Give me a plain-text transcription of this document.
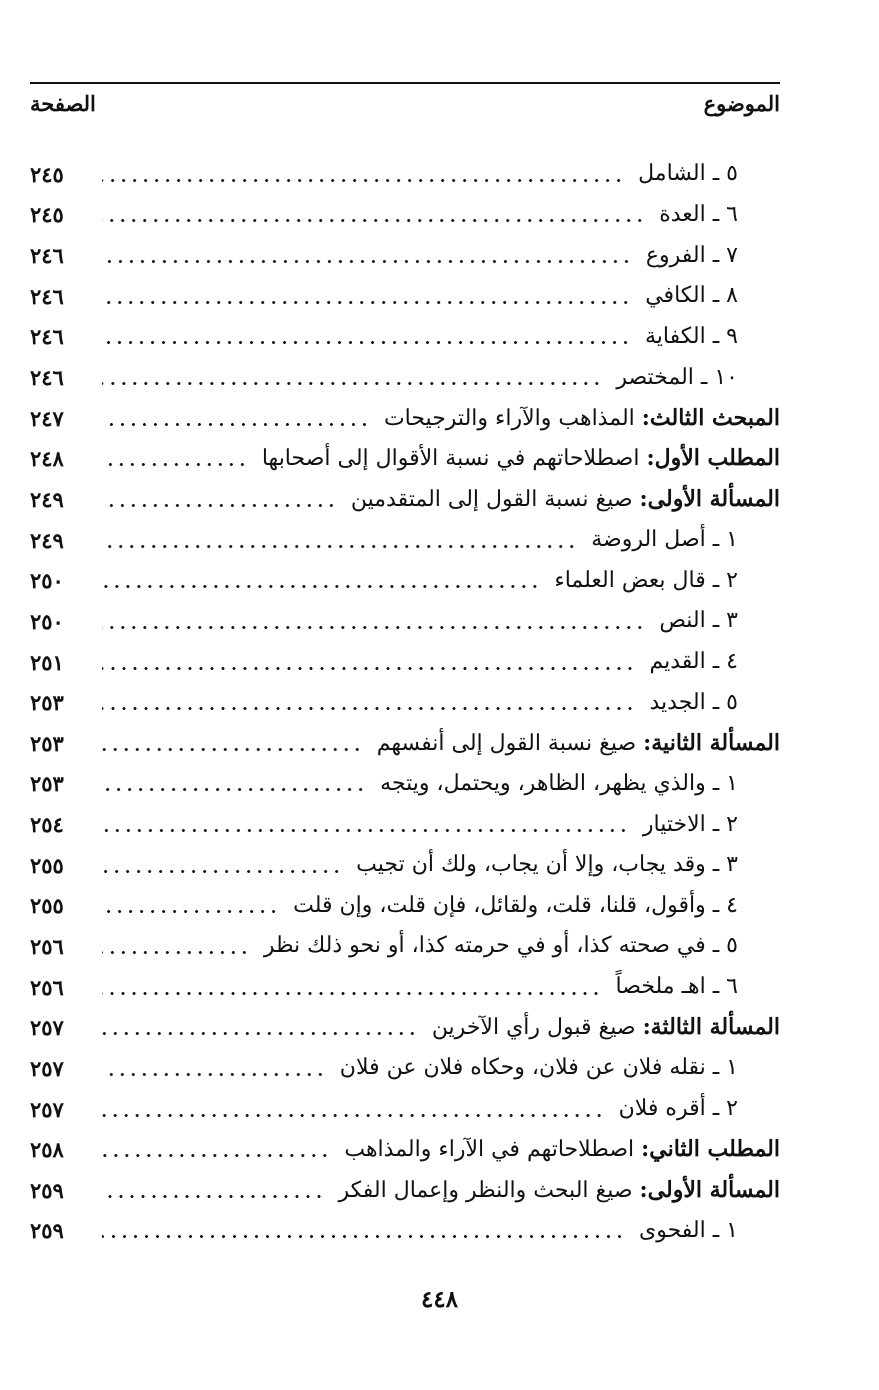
الموضوع
الصفحة
٥ ـ الشامل
٢٤٥
٦ ـ العدة
٢٤٥
٧ ـ الفروع
٢٤٦
٨ ـ الكافي
٢٤٦
٩ ـ الكفاية
٢٤٦
١٠ ـ المختصر
٢٤٦
المبحث الثالث: المذاهب والآراء والترجيحات
٢٤٧
المطلب الأول: اصطلاحاتهم في نسبة الأقوال إلى أصحابها
٢٤٨
المسألة الأولى: صيغ نسبة القول إلى المتقدمين
٢٤٩
١ ـ أصل الروضة
٢٤٩
٢ ـ قال بعض العلماء
٢٥٠
٣ ـ النص
٢٥٠
٤ ـ القديم
٢٥١
٥ ـ الجديد
٢٥٣
المسألة الثانية: صيغ نسبة القول إلى أنفسهم
٢٥٣
١ ـ والذي يظهر، الظاهر، ويحتمل، ويتجه
٢٥٣
٢ ـ الاختيار
٢٥٤
٣ ـ وقد يجاب، وإلا أن يجاب، ولك أن تجيب
٢٥٥
٤ ـ وأقول، قلنا، قلت، ولقائل، فإن قلت، وإن قلت
٢٥٥
٥ ـ في صحته كذا، أو في حرمته كذا، أو نحو ذلك نظر
٢٥٦
٦ ـ اهـ ملخصاً
٢٥٦
المسألة الثالثة: صيغ قبول رأي الآخرين
٢٥٧
١ ـ نقله فلان عن فلان، وحكاه فلان عن فلان
٢٥٧
٢ ـ أقره فلان
٢٥٧
المطلب الثاني: اصطلاحاتهم في الآراء والمذاهب
٢٥٨
المسألة الأولى: صيغ البحث والنظر وإعمال الفكر
٢٥٩
١ ـ الفحوى
٢٥٩
٤٤٨
